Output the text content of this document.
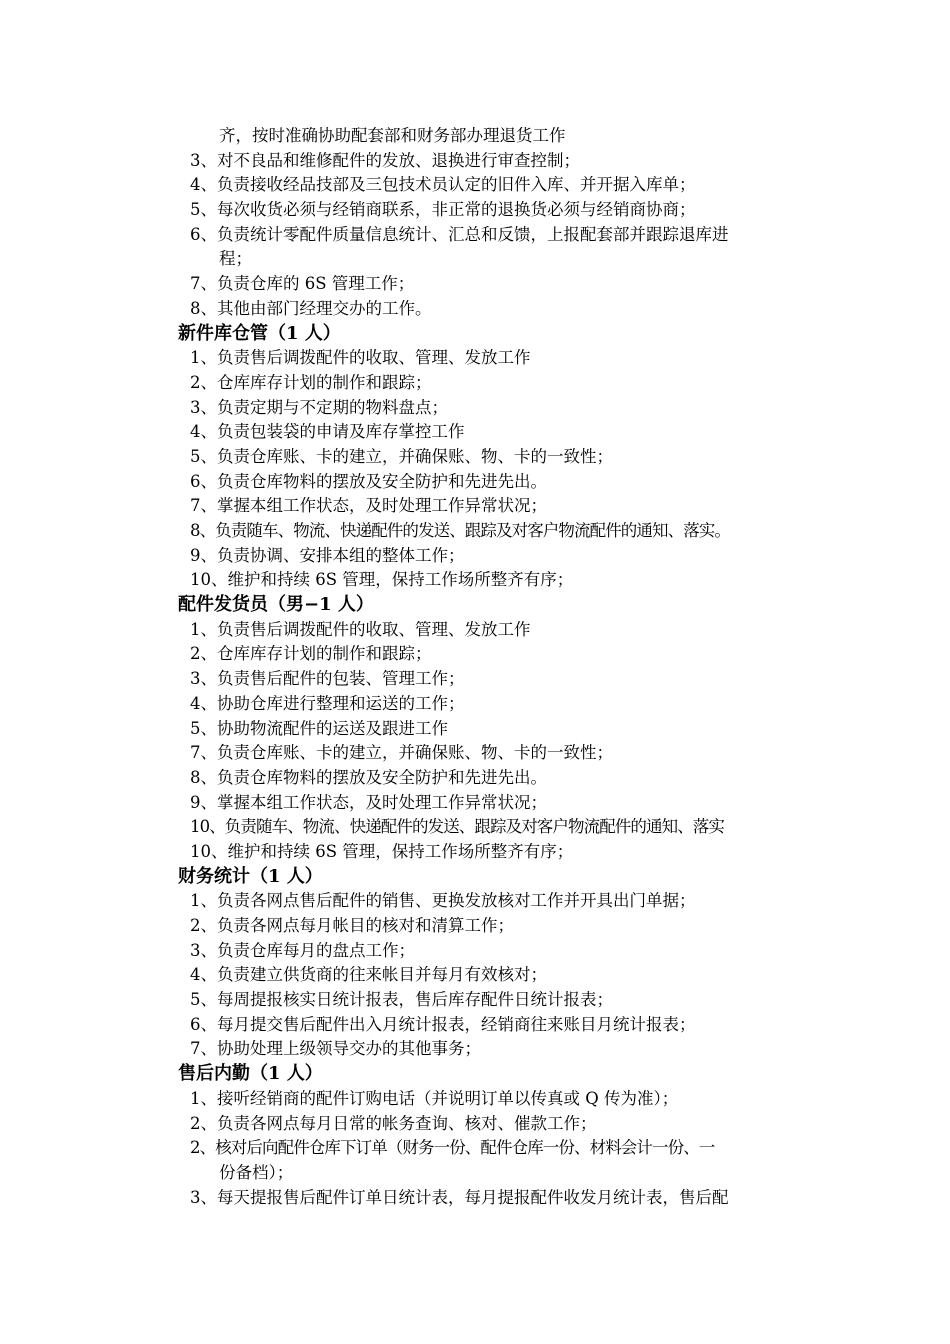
齐，按时准确协助配套部和财务部办理退货工作
3、对不良品和维修配件的发放、退换进行审查控制；
4、负责接收经品技部及三包技术员认定的旧件入库、并开据入库单；
5、每次收货必须与经销商联系，非正常的退换货必须与经销商协商；
6、负责统计零配件质量信息统计、汇总和反馈，上报配套部并跟踪退库进
程；
7、负责仓库的 6S 管理工作；
8、其他由部门经理交办的工作。
新件库仓管（1 人）
1、负责售后调拨配件的收取、管理、发放工作
2、仓库库存计划的制作和跟踪；
3、负责定期与不定期的物料盘点；
4、负责包装袋的申请及库存掌控工作
5、负责仓库账、卡的建立，并确保账、物、卡的一致性；
6、负责仓库物料的摆放及安全防护和先进先出。
7、掌握本组工作状态，及时处理工作异常状况；
8、负责随车、物流、快递配件的发送、跟踪及对客户物流配件的通知、落实。
9、负责协调、安排本组的整体工作；
10、维护和持续 6S 管理，保持工作场所整齐有序；
配件发货员（男−1 人）
1、负责售后调拨配件的收取、管理、发放工作
2、仓库库存计划的制作和跟踪；
3、负责售后配件的包装、管理工作；
4、协助仓库进行整理和运送的工作；
5、协助物流配件的运送及跟进工作
7、负责仓库账、卡的建立，并确保账、物、卡的一致性；
8、负责仓库物料的摆放及安全防护和先进先出。
9、掌握本组工作状态，及时处理工作异常状况；
10、负责随车、物流、快递配件的发送、跟踪及对客户物流配件的通知、落实
10、维护和持续 6S 管理，保持工作场所整齐有序；
财务统计（1 人）
1、负责各网点售后配件的销售、更换发放核对工作并开具出门单据；
2、负责各网点每月帐目的核对和清算工作；
3、负责仓库每月的盘点工作；
4、负责建立供货商的往来帐目并每月有效核对；
5、每周提报核实日统计报表，售后库存配件日统计报表；
6、每月提交售后配件出入月统计报表，经销商往来账目月统计报表；
7、协助处理上级领导交办的其他事务；
售后内勤（1 人）
1、接听经销商的配件订购电话（并说明订单以传真或 Q 传为准）；
2、负责各网点每月日常的帐务查询、核对、催款工作；
2、核对后向配件仓库下订单（财务一份、配件仓库一份、材料会计一份、一
份备档）；
3、每天提报售后配件订单日统计表，每月提报配件收发月统计表，售后配
